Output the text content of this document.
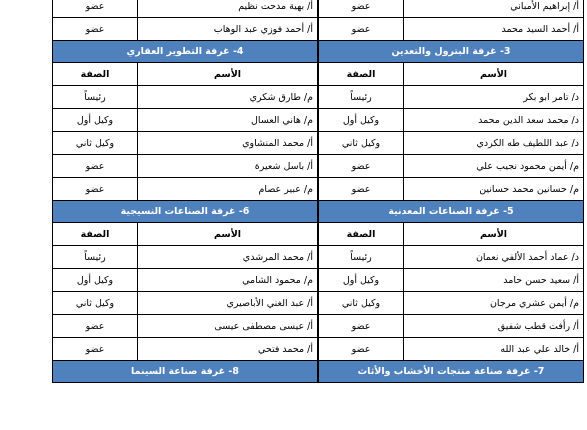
أ/ بهية مدحت نظيم	عضو
أ/ أحمد فوزي عبد الوهاب	عضو
4- غرفة التطوير العقاري	
الأسم	الصفة
م/ طارق شكري	رئيساً
م/ هاني العسال	وكيل أول
أ/ محمد المنشاوي	وكيل ثاني
أ/ باسل شعيرة	عضو
م/ عبير عصام	عضو
6- غرفة الصناعات النسيجية	
الأسم	الصفة
أ/ محمد المرشدي	رئيساً
م/ محمود الشامي	وكيل أول
أ/ عبد الغني الأباصيري	وكيل ثاني
أ/ عيسى مصطفى عيسى	عضو
أ/ محمد فتحي	عضو
8- غرفة صناعة السينما	
أ/ إبراهيم الأمباني	عضو
أ/ أحمد السيد محمد	عضو
3- غرفة البترول والتعدين	
الأسم	الصفة
د/ تامر ابو بكر	رئيساً
د/ محمد سعد الدين محمد	وكيل أول
د/ عبد اللطيف طه الكردي	وكيل ثاني
م/ أيمن محمود نجيب علي	عضو
م/ حسانين محمد حسانين	عضو
5- غرفة الصناعات المعدنية	
الأسم	الصفة
د/ عماد أحمد الألفي نعمان	رئيساً
أ/ سعيد حسن حامد	وكيل أول
م/ أيمن عشري مرجان	وكيل ثاني
أ/ رأفت قطب شفيق	عضو
أ/ خالد علي عبد الله	عضو
7- غرفة صناعة منتجات الأخشاب والأثاث	
